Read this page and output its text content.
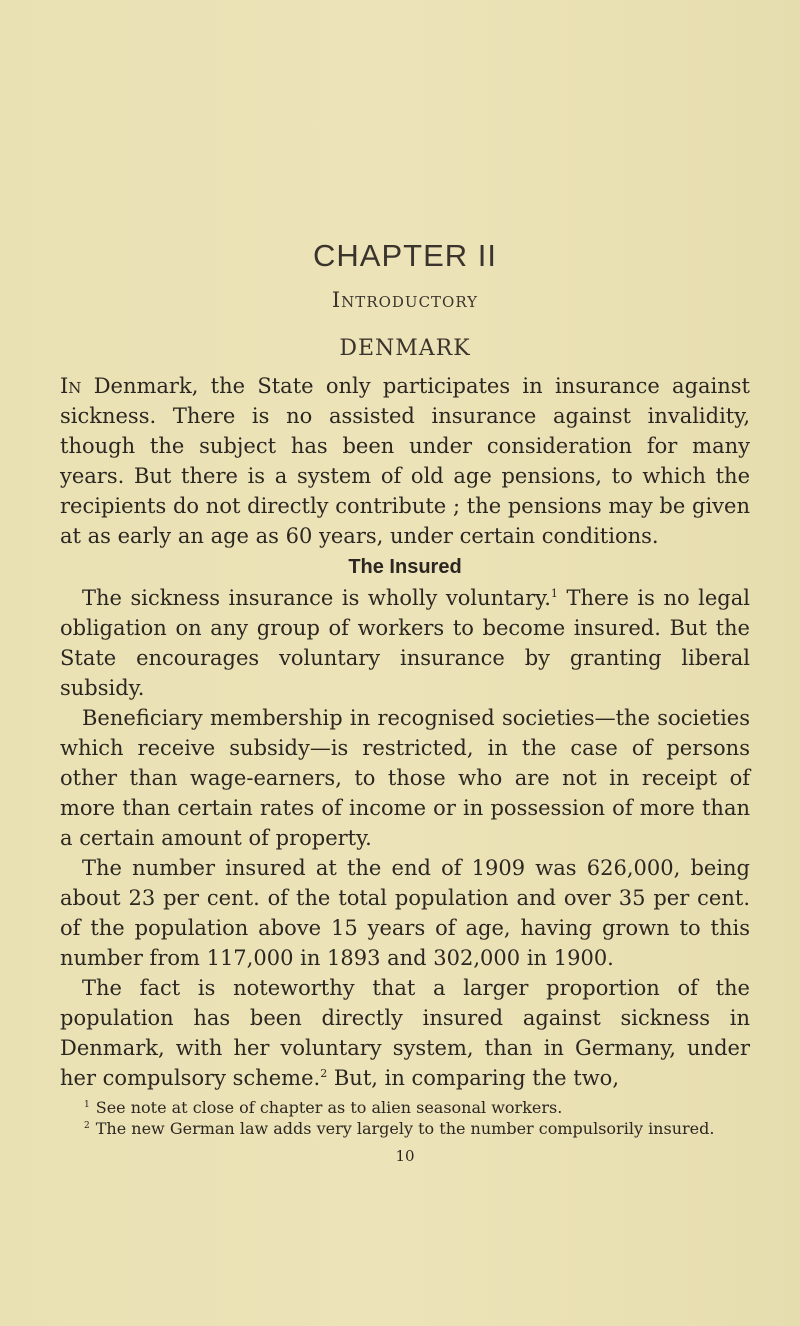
CHAPTER II
Introductory
DENMARK

In Denmark, the State only participates in insurance against sickness. There is no assisted insurance against invalidity, though the subject has been under consideration for many years. But there is a system of old age pensions, to which the recipients do not directly contribute ; the pensions may be given at as early an age as 60 years, under certain conditions.

The Insured

The sickness insurance is wholly voluntary.$^1$ There is no legal obligation on any group of workers to become insured. But the State encourages voluntary insurance by granting liberal subsidy.

Beneficiary membership in recognised societies—the societies which receive subsidy—is restricted, in the case of persons other than wage-earners, to those who are not in receipt of more than certain rates of income or in possession of more than a certain amount of property.

The number insured at the end of 1909 was 626,000, being about 23 per cent. of the total population and over 35 per cent. of the population above 15 years of age, having grown to this number from 117,000 in 1893 and 302,000 in 1900.

The fact is noteworthy that a larger proportion of the population has been directly insured against sickness in Denmark, with her voluntary system, than in Germany, under her compulsory scheme.$^2$ But, in comparing the two,

$^1$ See note at close of chapter as to alien seasonal workers.
$^2$ The new German law adds very largely to the number compulsorily insured.
10
